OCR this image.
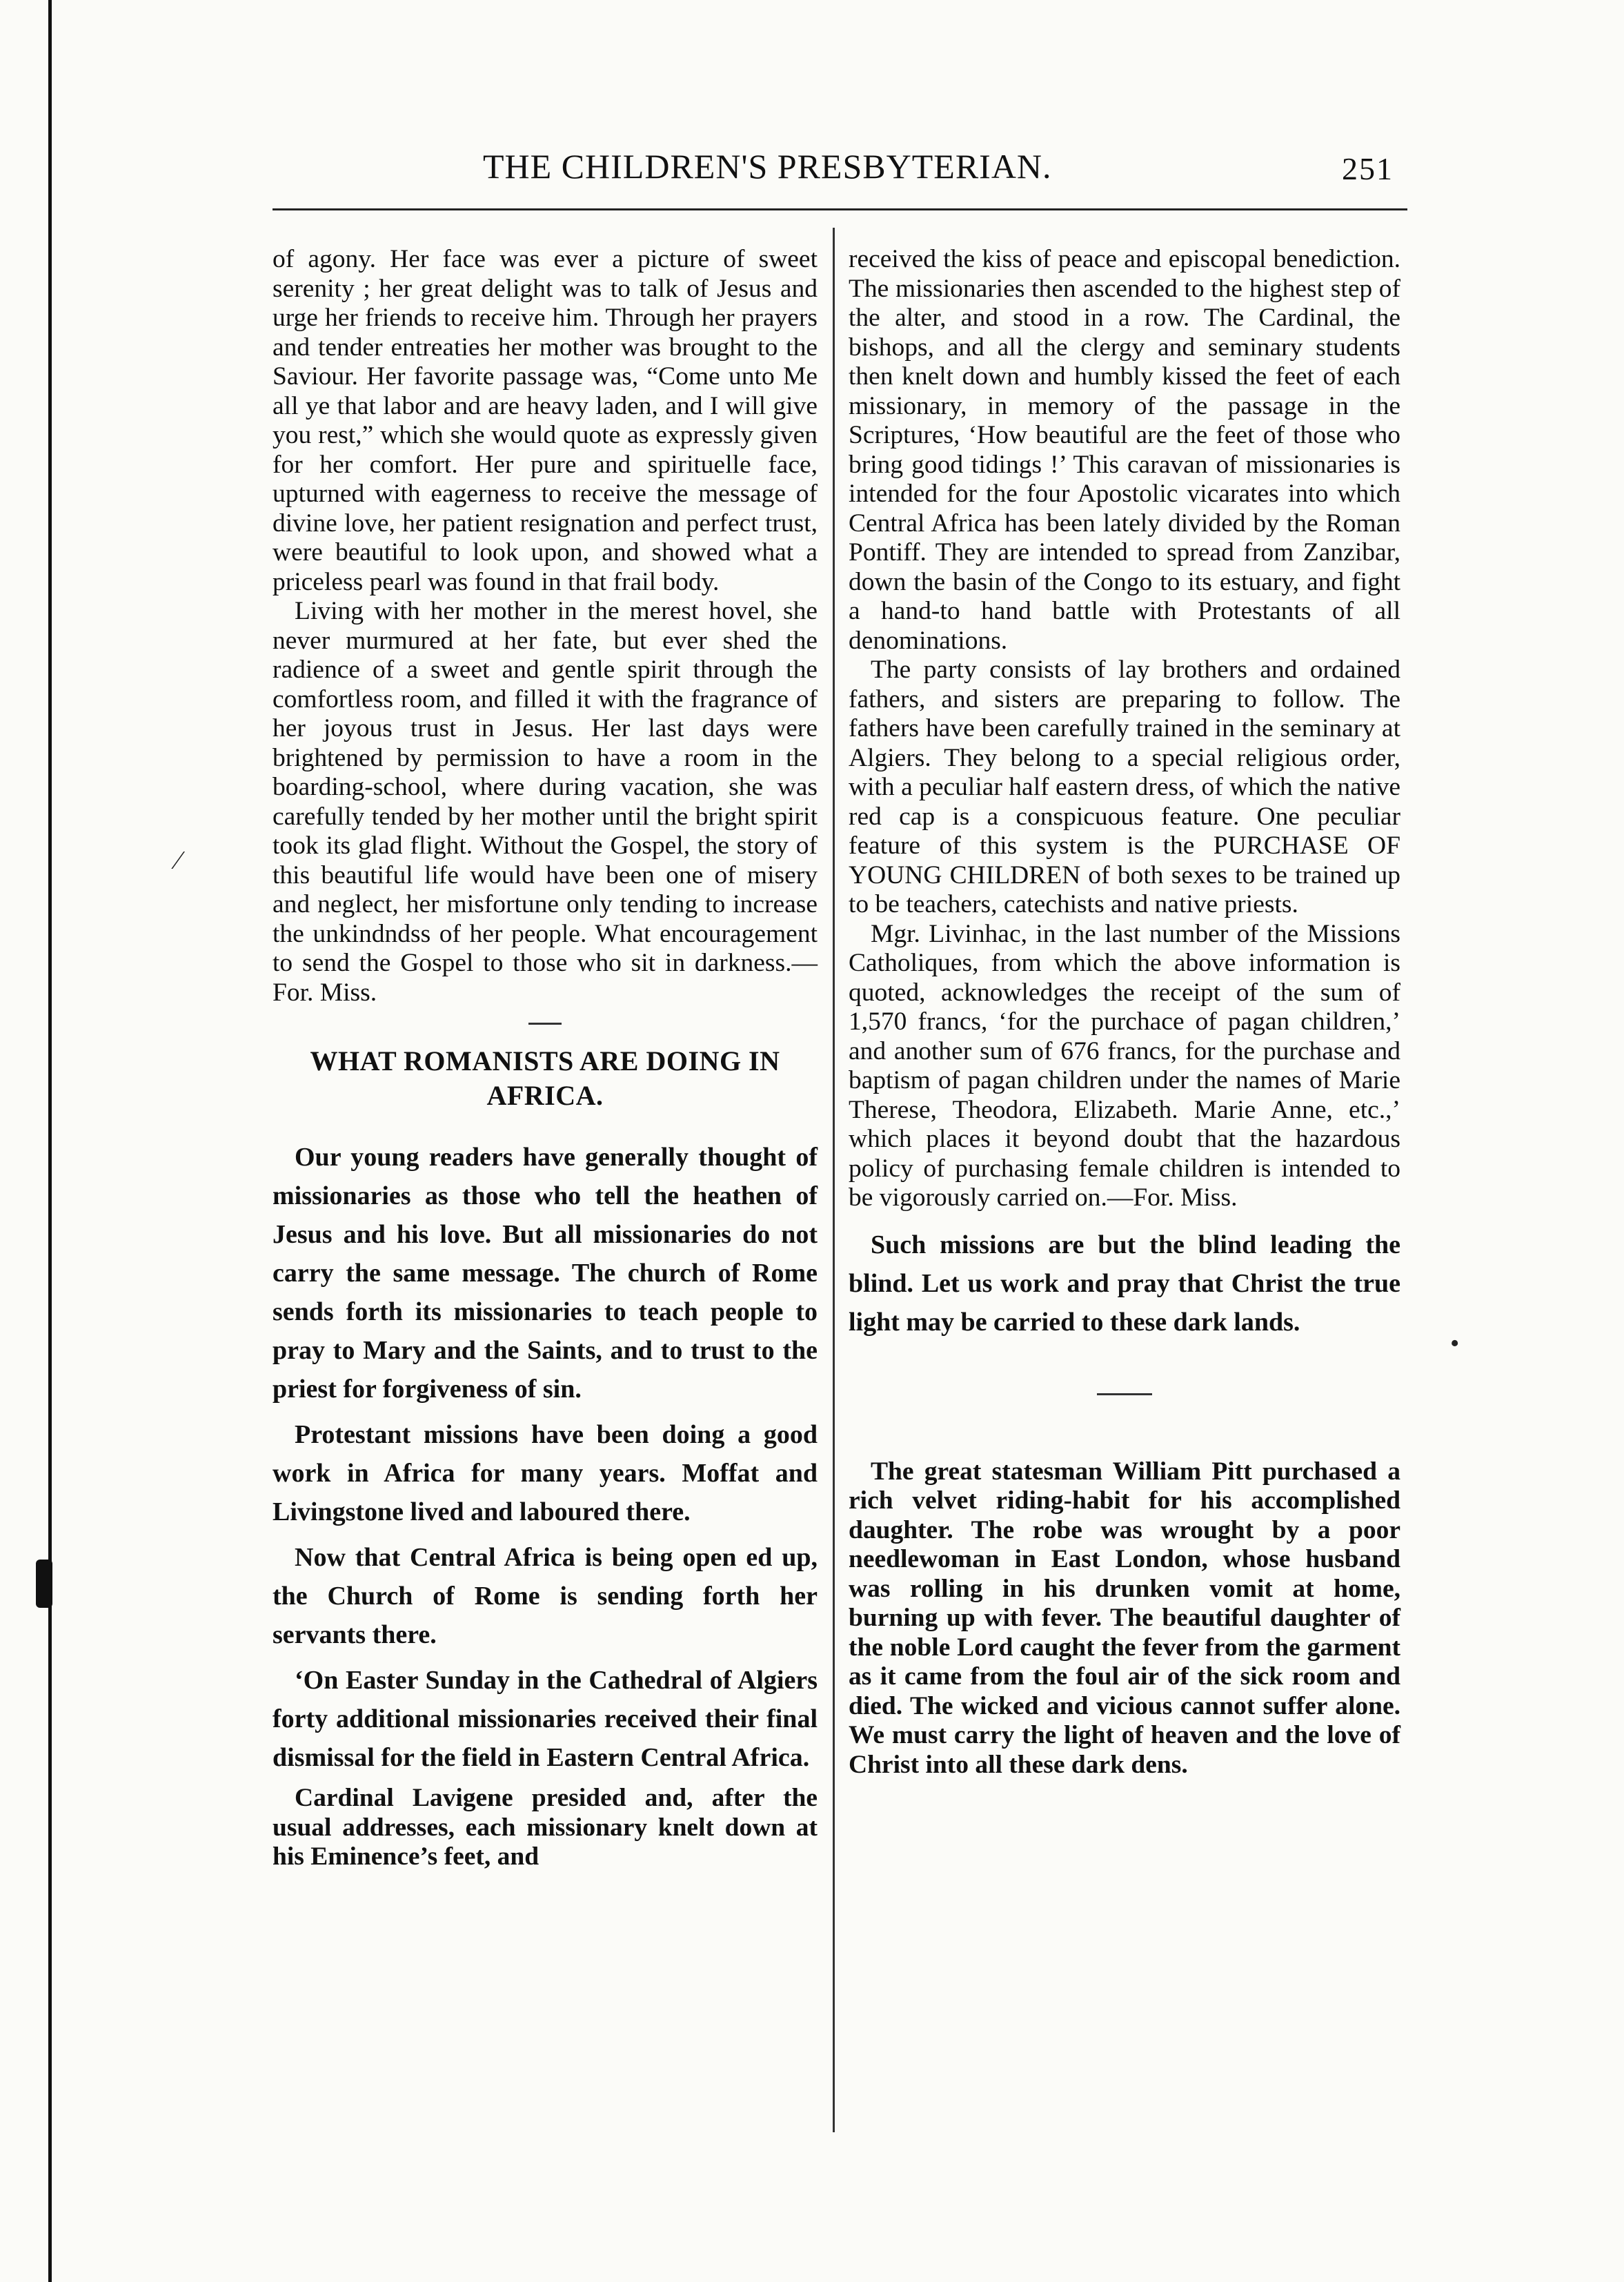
⁄
•
THE CHILDREN'S PRESBYTERIAN.	251

of agony. Her face was ever a picture of sweet serenity ; her great delight was to talk of Jesus and urge her friends to receive him. Through her prayers and tender entreaties her mother was brought to the Saviour. Her favorite passage was, “Come unto Me all ye that labor and are heavy laden, and I will give you rest,” which she would quote as expressly given for her comfort. Her pure and spirituelle face, upturned with eagerness to receive the message of divine love, her patient resignation and perfect trust, were beautiful to look upon, and showed what a priceless pearl was found in that frail body.

Living with her mother in the merest hovel, she never murmured at her fate, but ever shed the radience of a sweet and gentle spirit through the comfortless room, and filled it with the fragrance of her joyous trust in Jesus. Her last days were brightened by permission to have a room in the boarding-school, where during vacation, she was carefully tended by her mother until the bright spirit took its glad flight. Without the Gospel, the story of this beautiful life would have been one of misery and neglect, her misfortune only tending to increase the unkindndss of her people. What encouragement to send the Gospel to those who sit in darkness.—For. Miss.

WHAT ROMANISTS ARE DOING IN AFRICA.

Our young readers have generally thought of missionaries as those who tell the heathen of Jesus and his love. But all missionaries do not carry the same message. The church of Rome sends forth its missionaries to teach people to pray to Mary and the Saints, and to trust to the priest for forgiveness of sin.

Protestant missions have been doing a good work in Africa for many years. Moffat and Livingstone lived and laboured there.

Now that Central Africa is being open ed up, the Church of Rome is sending forth her servants there.

‘On Easter Sunday in the Cathedral of Algiers forty additional missionaries received their final dismissal for the field in Eastern Central Africa.

Cardinal Lavigene presided and, after the usual addresses, each missionary knelt down at his Eminence’s feet, and

received the kiss of peace and episcopal benediction. The missionaries then ascended to the highest step of the alter, and stood in a row. The Cardinal, the bishops, and all the clergy and seminary students then knelt down and humbly kissed the feet of each missionary, in memory of the passage in the Scriptures, ‘How beautiful are the feet of those who bring good tidings !’ This caravan of missionaries is intended for the four Apostolic vicarates into which Central Africa has been lately divided by the Roman Pontiff. They are intended to spread from Zanzibar, down the basin of the Congo to its estuary, and fight a hand-to hand battle with Protestants of all denominations.

The party consists of lay brothers and ordained fathers, and sisters are preparing to follow. The fathers have been carefully trained in the seminary at Algiers. They belong to a special religious order, with a peculiar half eastern dress, of which the native red cap is a conspicuous feature. One peculiar feature of this system is the PURCHASE OF YOUNG CHILDREN of both sexes to be trained up to be teachers, catechists and native priests.

Mgr. Livinhac, in the last number of the Missions Catholiques, from which the above information is quoted, acknowledges the receipt of the sum of 1,570 francs, ‘for the purchace of pagan children,’ and another sum of 676 francs, for the purchase and baptism of pagan children under the names of Marie Therese, Theodora, Elizabeth. Marie Anne, etc.,’ which places it beyond doubt that the hazardous policy of purchasing female children is intended to be vigorously carried on.—For. Miss.

Such missions are but the blind leading the blind. Let us work and pray that Christ the true light may be carried to these dark lands.

The great statesman William Pitt purchased a rich velvet riding-habit for his accomplished daughter. The robe was wrought by a poor needlewoman in East London, whose husband was rolling in his drunken vomit at home, burning up with fever. The beautiful daughter of the noble Lord caught the fever from the garment as it came from the foul air of the sick room and died. The wicked and vicious cannot suffer alone. We must carry the light of heaven and the love of Christ into all these dark dens.
